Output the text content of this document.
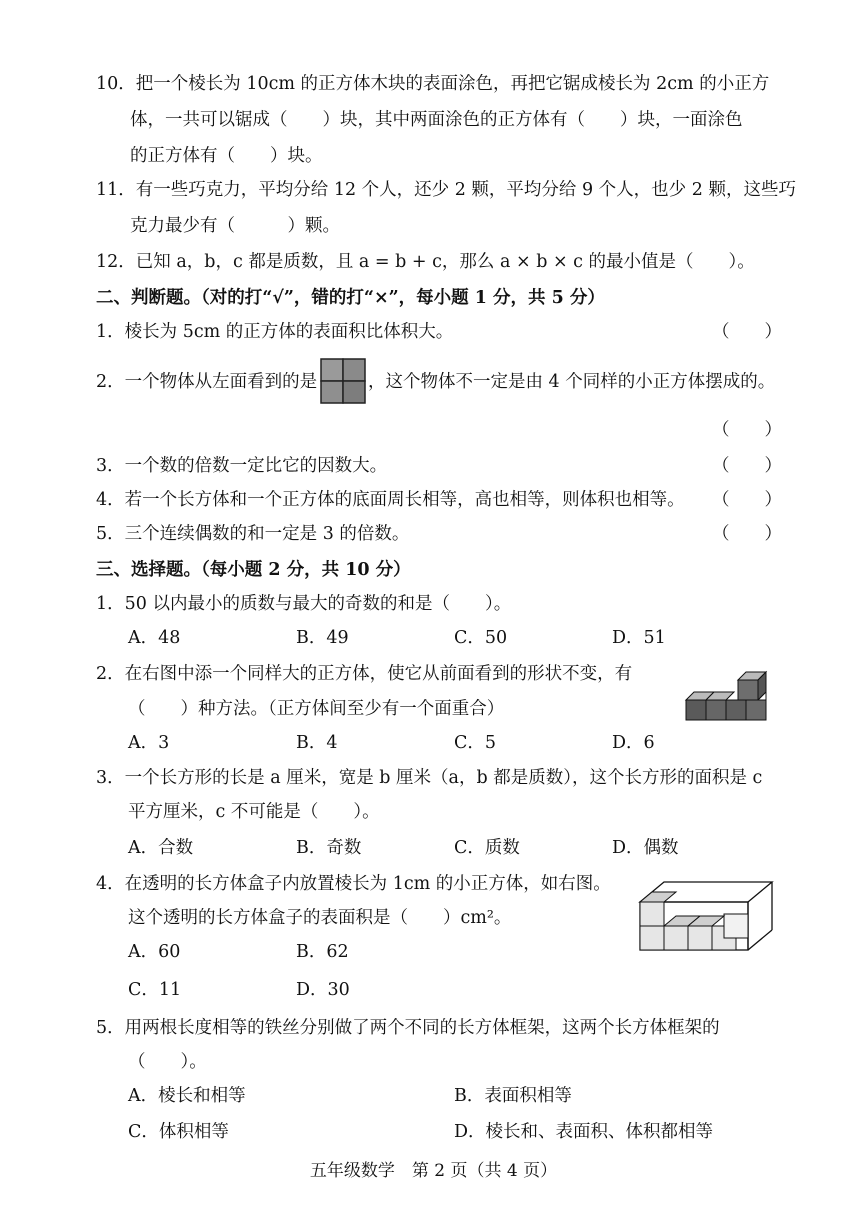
10．把一个棱长为 10cm 的正方体木块的表面涂色，再把它锯成棱长为 2cm 的小正方
体，一共可以锯成（　　）块，其中两面涂色的正方体有（　　）块，一面涂色
的正方体有（　　）块。
11．有一些巧克力，平均分给 12 个人，还少 2 颗，平均分给 9 个人，也少 2 颗，这些巧
克力最少有（　　　）颗。
12．已知 a，b，c 都是质数，且 a = b + c，那么 a × b × c 的最小值是（　　）。
二、判断题。（对的打“√”，错的打“×”，每小题 1 分，共 5 分）
1．棱长为 5cm 的正方体的表面积比体积大。	（　　）
2．一个物体从左面看到的是	，这个物体不一定是由 4 个同样的小正方体摆成的。
（　　）
3．一个数的倍数一定比它的因数大。	（　　）
4．若一个长方体和一个正方体的底面周长相等，高也相等，则体积也相等。 （　　）
5．三个连续偶数的和一定是 3 的倍数。	（　　）
三、选择题。（每小题 2 分，共 10 分）
1．50 以内最小的质数与最大的奇数的和是（　　）。
A．48	B．49	C．50	D．51
2．在右图中添一个同样大的正方体，使它从前面看到的形状不变，有
（　　）种方法。（正方体间至少有一个面重合）
A．3	B．4	C．5	D．6
3．一个长方形的长是 a 厘米，宽是 b 厘米（a，b 都是质数），这个长方形的面积是 c
平方厘米，c 不可能是（　　）。
A．合数	B．奇数	C．质数	D．偶数
4．在透明的长方体盒子内放置棱长为 1cm 的小正方体，如右图。
这个透明的长方体盒子的表面积是（　　）cm²。
A．60	B．62
C．11	D．30
5．用两根长度相等的铁丝分别做了两个不同的长方体框架，这两个长方体框架的
（　　）。
A．棱长和相等	B．表面积相等
C．体积相等	D．棱长和、表面积、体积都相等
五年级数学　第 2 页（共 4 页）
